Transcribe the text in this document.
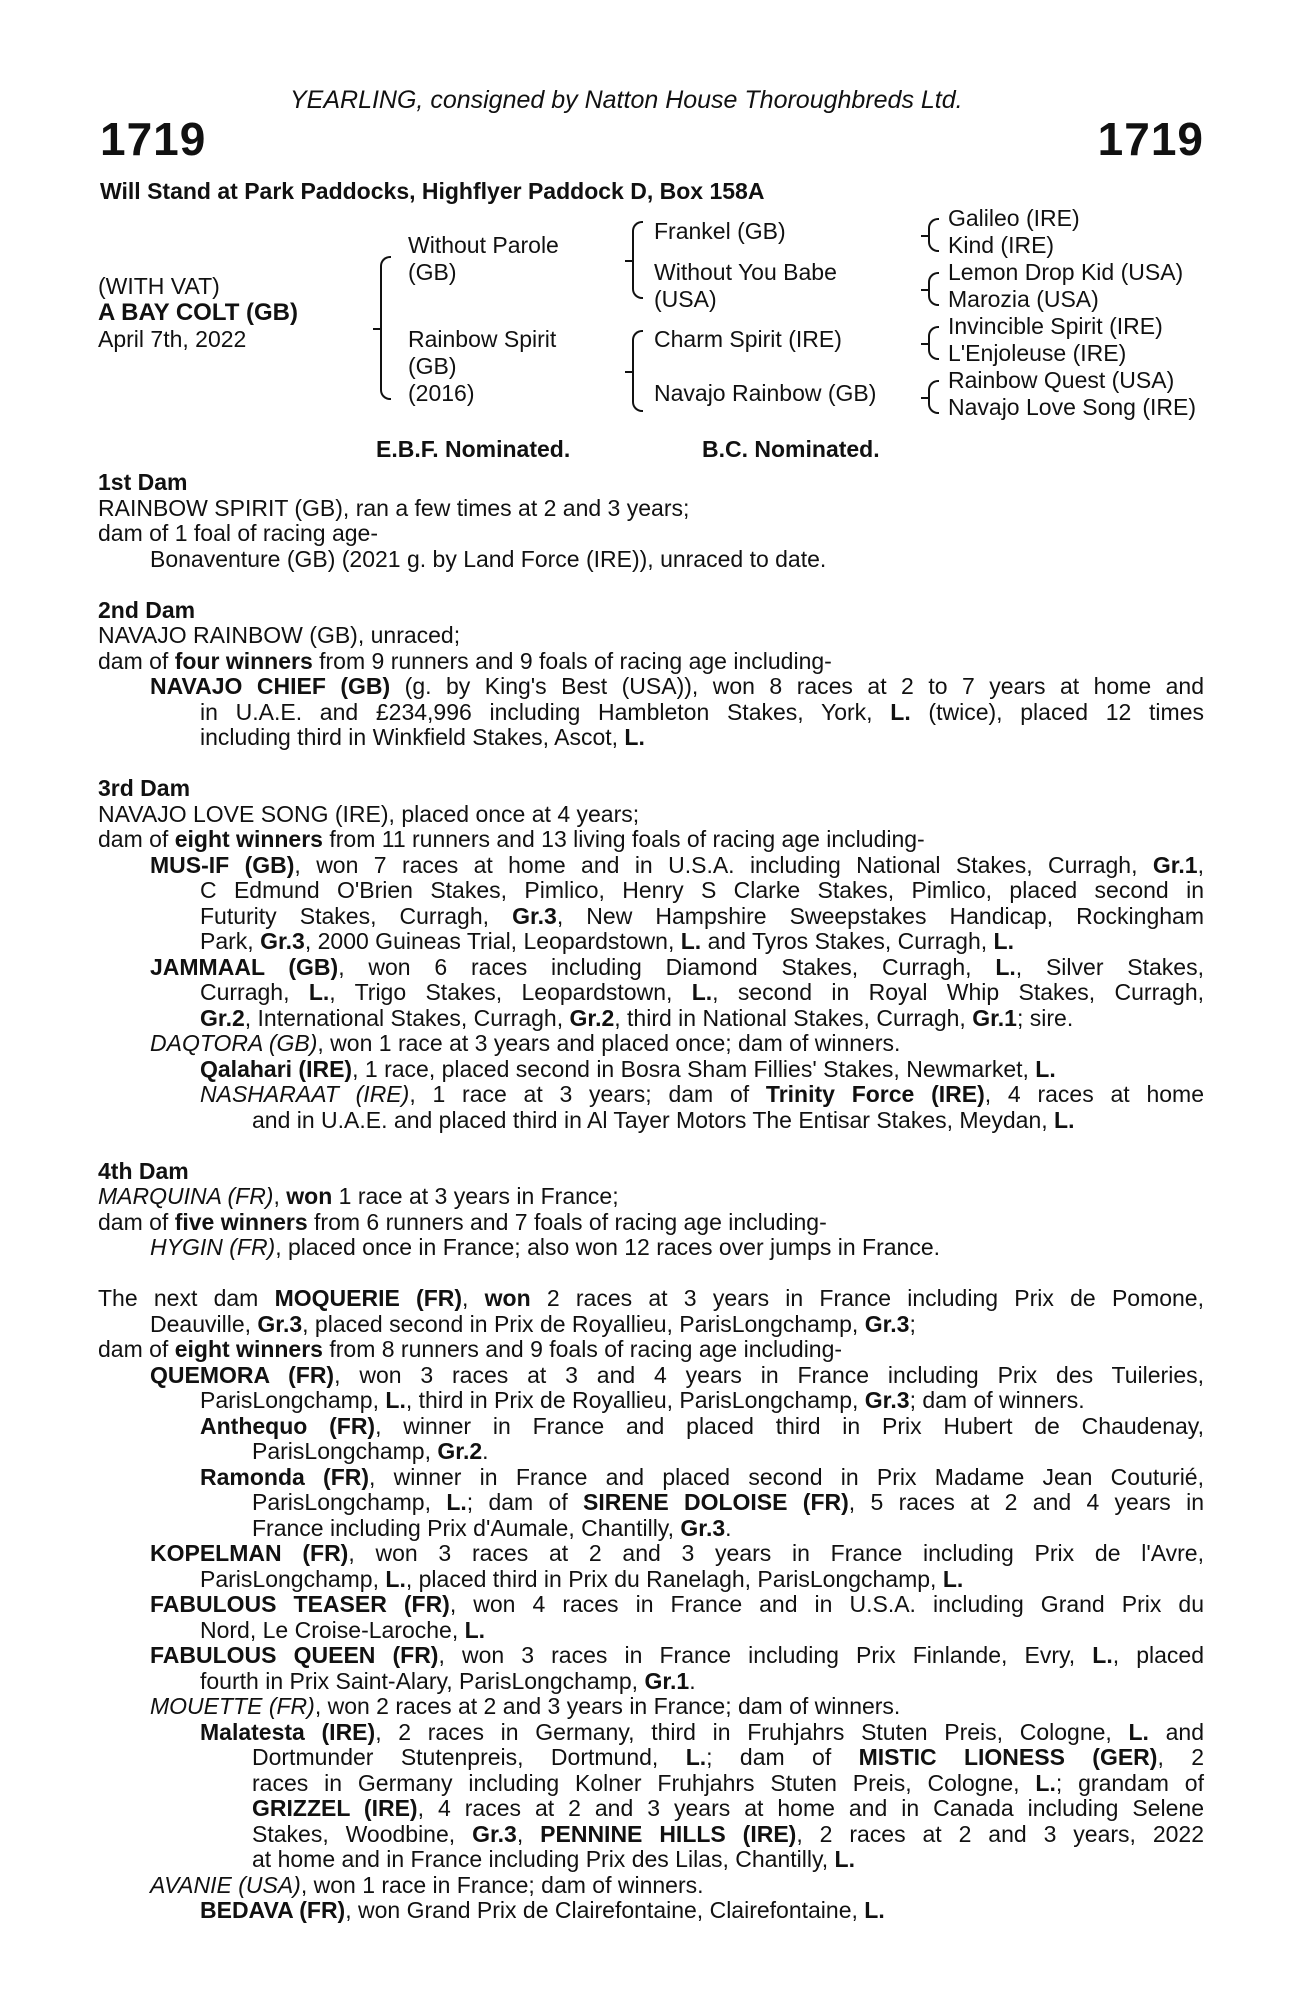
YEARLING, consigned by Natton House Thoroughbreds Ltd.
1719	1719
Will Stand at Park Paddocks, Highflyer Paddock D, Box 158A
(WITH VAT)
A BAY COLT (GB)
April 7th, 2022
Without Parole
(GB)
Rainbow Spirit
(GB)
(2016)
Frankel (GB)
Without You Babe
(USA)
Charm Spirit (IRE)
Navajo Rainbow (GB)
Galileo (IRE)
Kind (IRE)
Lemon Drop Kid (USA)
Marozia (USA)
Invincible Spirit (IRE)
L'Enjoleuse (IRE)
Rainbow Quest (USA)
Navajo Love Song (IRE)
E.B.F. Nominated.	B.C. Nominated.
1st Dam
RAINBOW SPIRIT (GB), ran a few times at 2 and 3 years;
dam of 1 foal of racing age-
Bonaventure (GB) (2021 g. by Land Force (IRE)), unraced to date.
2nd Dam
NAVAJO RAINBOW (GB), unraced;
dam of four winners from 9 runners and 9 foals of racing age including-
NAVAJO CHIEF (GB) (g. by King's Best (USA)), won 8 races at 2 to 7 years at home and
in U.A.E. and £234,996 including Hambleton Stakes, York, L. (twice), placed 12 times
including third in Winkfield Stakes, Ascot, L.
3rd Dam
NAVAJO LOVE SONG (IRE), placed once at 4 years;
dam of eight winners from 11 runners and 13 living foals of racing age including-
MUS-IF (GB), won 7 races at home and in U.S.A. including National Stakes, Curragh, Gr.1,
C Edmund O'Brien Stakes, Pimlico, Henry S Clarke Stakes, Pimlico, placed second in
Futurity Stakes, Curragh, Gr.3, New Hampshire Sweepstakes Handicap, Rockingham
Park, Gr.3, 2000 Guineas Trial, Leopardstown, L. and Tyros Stakes, Curragh, L.
JAMMAAL (GB), won 6 races including Diamond Stakes, Curragh, L., Silver Stakes,
Curragh, L., Trigo Stakes, Leopardstown, L., second in Royal Whip Stakes, Curragh,
Gr.2, International Stakes, Curragh, Gr.2, third in National Stakes, Curragh, Gr.1; sire.
DAQTORA (GB), won 1 race at 3 years and placed once; dam of winners.
Qalahari (IRE), 1 race, placed second in Bosra Sham Fillies' Stakes, Newmarket, L.
NASHARAAT (IRE), 1 race at 3 years; dam of Trinity Force (IRE), 4 races at home
and in U.A.E. and placed third in Al Tayer Motors The Entisar Stakes, Meydan, L.
4th Dam
MARQUINA (FR), won 1 race at 3 years in France;
dam of five winners from 6 runners and 7 foals of racing age including-
HYGIN (FR), placed once in France; also won 12 races over jumps in France.
The next dam MOQUERIE (FR), won 2 races at 3 years in France including Prix de Pomone,
Deauville, Gr.3, placed second in Prix de Royallieu, ParisLongchamp, Gr.3;
dam of eight winners from 8 runners and 9 foals of racing age including-
QUEMORA (FR), won 3 races at 3 and 4 years in France including Prix des Tuileries,
ParisLongchamp, L., third in Prix de Royallieu, ParisLongchamp, Gr.3; dam of winners.
Anthequo (FR), winner in France and placed third in Prix Hubert de Chaudenay,
ParisLongchamp, Gr.2.
Ramonda (FR), winner in France and placed second in Prix Madame Jean Couturié,
ParisLongchamp, L.; dam of SIRENE DOLOISE (FR), 5 races at 2 and 4 years in
France including Prix d'Aumale, Chantilly, Gr.3.
KOPELMAN (FR), won 3 races at 2 and 3 years in France including Prix de l'Avre,
ParisLongchamp, L., placed third in Prix du Ranelagh, ParisLongchamp, L.
FABULOUS TEASER (FR), won 4 races in France and in U.S.A. including Grand Prix du
Nord, Le Croise-Laroche, L.
FABULOUS QUEEN (FR), won 3 races in France including Prix Finlande, Evry, L., placed
fourth in Prix Saint-Alary, ParisLongchamp, Gr.1.
MOUETTE (FR), won 2 races at 2 and 3 years in France; dam of winners.
Malatesta (IRE), 2 races in Germany, third in Fruhjahrs Stuten Preis, Cologne, L. and
Dortmunder Stutenpreis, Dortmund, L.; dam of MISTIC LIONESS (GER), 2
races in Germany including Kolner Fruhjahrs Stuten Preis, Cologne, L.; grandam of
GRIZZEL (IRE), 4 races at 2 and 3 years at home and in Canada including Selene
Stakes, Woodbine, Gr.3, PENNINE HILLS (IRE), 2 races at 2 and 3 years, 2022
at home and in France including Prix des Lilas, Chantilly, L.
AVANIE (USA), won 1 race in France; dam of winners.
BEDAVA (FR), won Grand Prix de Clairefontaine, Clairefontaine, L.
